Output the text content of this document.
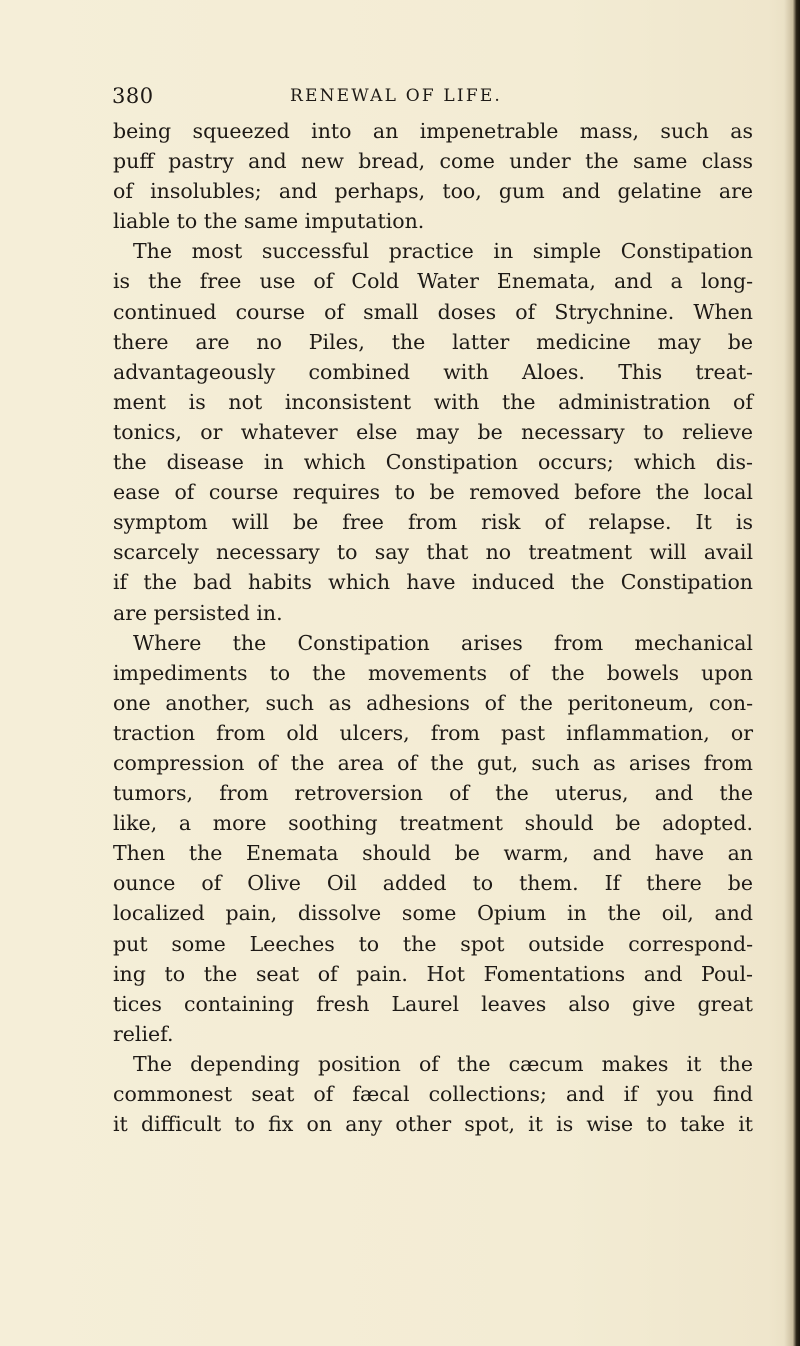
380	RENEWAL OF LIFE.
being squeezed into an impenetrable mass, such as
puff pastry and new bread, come under the same class
of insolubles; and perhaps, too, gum and gelatine are
liable to the same imputation.
The most successful practice in simple Constipation
is the free use of Cold Water Enemata, and a long-
continued course of small doses of Strychnine. When
there are no Piles, the latter medicine may be
advantageously combined with Aloes. This treat-
ment is not inconsistent with the administration of
tonics, or whatever else may be necessary to relieve
the disease in which Constipation occurs; which dis-
ease of course requires to be removed before the local
symptom will be free from risk of relapse. It is
scarcely necessary to say that no treatment will avail
if the bad habits which have induced the Constipation
are persisted in.
Where the Constipation arises from mechanical
impediments to the movements of the bowels upon
one another, such as adhesions of the peritoneum, con-
traction from old ulcers, from past inflammation, or
compression of the area of the gut, such as arises from
tumors, from retroversion of the uterus, and the
like, a more soothing treatment should be adopted.
Then the Enemata should be warm, and have an
ounce of Olive Oil added to them. If there be
localized pain, dissolve some Opium in the oil, and
put some Leeches to the spot outside correspond-
ing to the seat of pain. Hot Fomentations and Poul-
tices containing fresh Laurel leaves also give great
relief.
The depending position of the cæcum makes it the
commonest seat of fæcal collections; and if you find
it difficult to fix on any other spot, it is wise to take it
